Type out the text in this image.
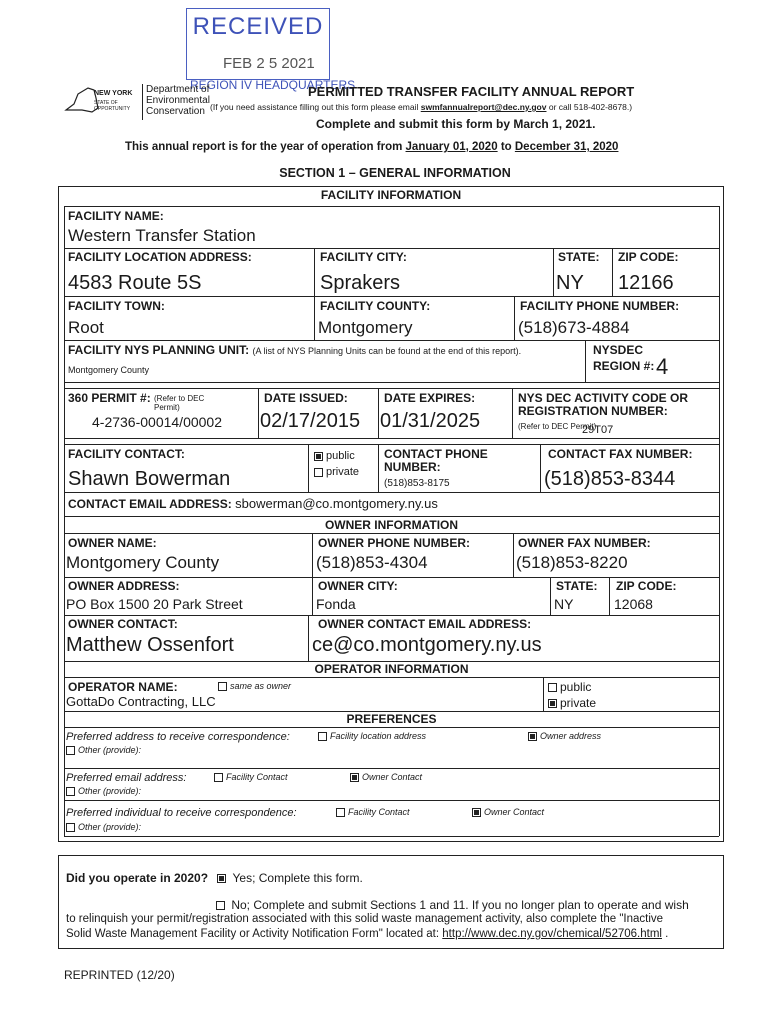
RECEIVED
FEB 2 5 2021
REGION IV HEADQUARTERS
NEW YORK
STATE OF OPPORTUNITY
Department of
Environmental
Conservation
PERMITTED TRANSFER FACILITY ANNUAL REPORT
(If you need assistance filling out this form please email swmfannualreport@dec.ny.gov or call 518-402-8678.)
Complete and submit this form by March 1, 2021.
This annual report is for the year of operation from January 01, 2020 to December 31, 2020
SECTION 1 – GENERAL INFORMATION
FACILITY INFORMATION
FACILITY NAME:
Western Transfer Station
FACILITY LOCATION ADDRESS:
4583 Route 5S
FACILITY CITY:
Sprakers
STATE:
NY
ZIP CODE:
12166
FACILITY TOWN:
Root
FACILITY COUNTY:
Montgomery
FACILITY PHONE NUMBER:
(518)673-4884
FACILITY NYS PLANNING UNIT: (A list of NYS Planning Units can be found at the end of this report).
Montgomery County
NYSDEC
REGION #: 4
360 PERMIT #: (Refer to DEC Permit)
4-2736-00014/00002
DATE ISSUED:
02/17/2015
DATE EXPIRES:
01/31/2025
NYS DEC ACTIVITY CODE OR REGISTRATION NUMBER:
(Refer to DEC Permit)
29T07
FACILITY CONTACT:
Shawn Bowerman
public
private
CONTACT PHONE NUMBER:
(518)853-8175
CONTACT FAX NUMBER:
(518)853-8344
CONTACT EMAIL ADDRESS: sbowerman@co.montgomery.ny.us
OWNER INFORMATION
OWNER NAME:
Montgomery County
OWNER PHONE NUMBER:
(518)853-4304
OWNER FAX NUMBER:
(518)853-8220
OWNER ADDRESS:
PO Box 1500 20 Park Street
OWNER CITY:
Fonda
STATE:
NY
ZIP CODE:
12068
OWNER CONTACT:
Matthew Ossenfort
OWNER CONTACT EMAIL ADDRESS:
ce@co.montgomery.ny.us
OPERATOR INFORMATION
OPERATOR NAME:	same as owner
GottaDo Contracting, LLC
public
private
PREFERENCES
Preferred address to receive correspondence:	Facility location address	Owner address
Other (provide):
Preferred email address:	Facility Contact	Owner Contact
Other (provide):
Preferred individual to receive correspondence:	Facility Contact	Owner Contact
Other (provide):
Did you operate in 2020? Yes; Complete this form.
No; Complete and submit Sections 1 and 11. If you no longer plan to operate and wish
to relinquish your permit/registration associated with this solid waste management activity, also complete the "Inactive
Solid Waste Management Facility or Activity Notification Form" located at: http://www.dec.ny.gov/chemical/52706.html .
REPRINTED (12/20)
